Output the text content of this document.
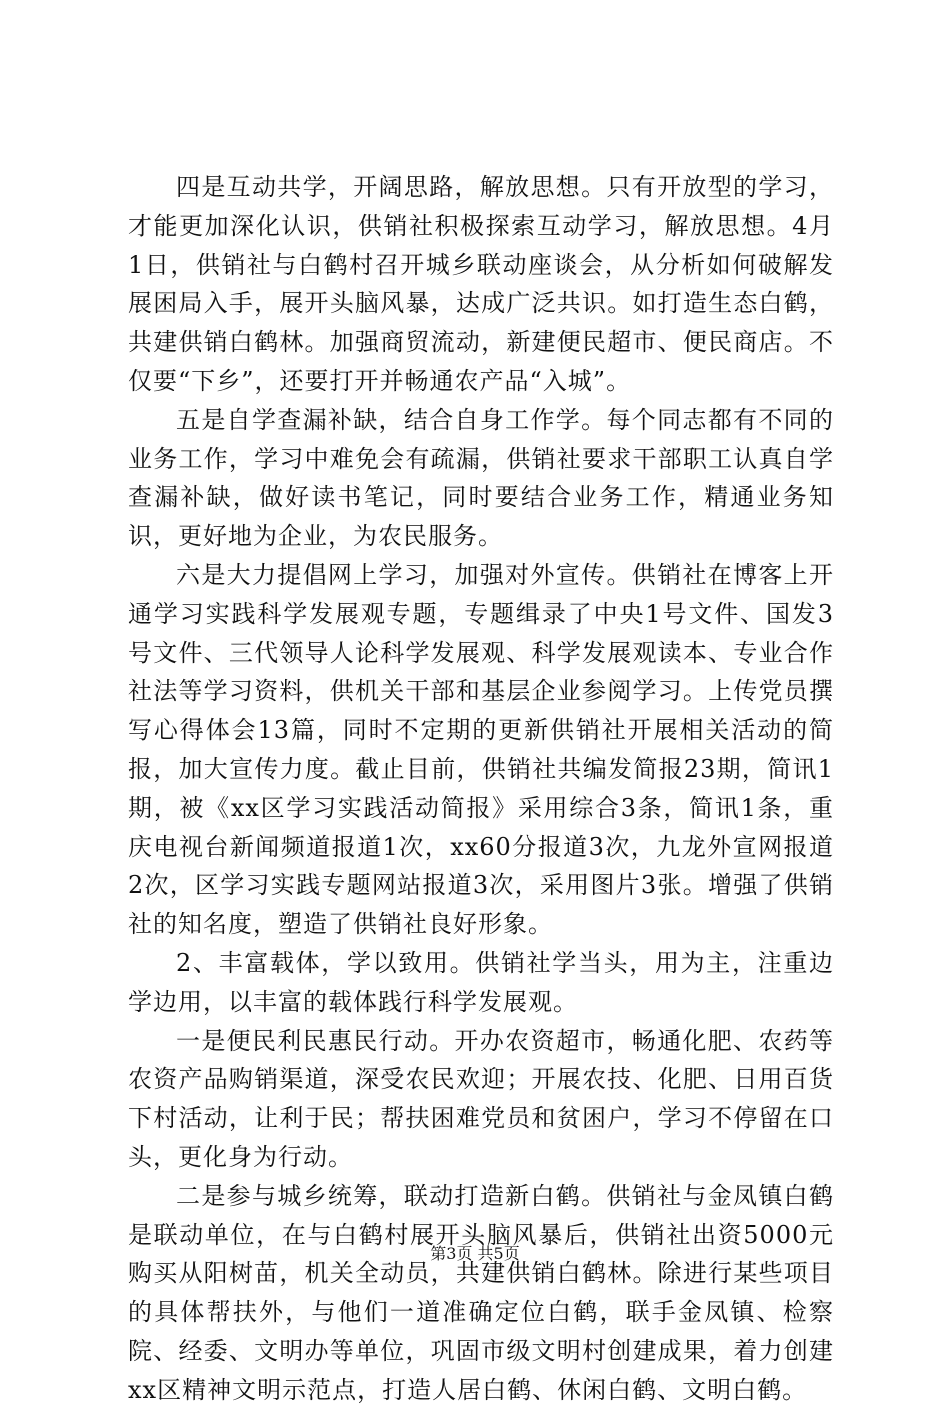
四是互动共学，开阔思路，解放思想。只有开放型的学习，才能更加深化认识，供销社积极探索互动学习，解放思想。4月1日，供销社与白鹤村召开城乡联动座谈会，从分析如何破解发展困局入手，展开头脑风暴，达成广泛共识。如打造生态白鹤，共建供销白鹤林。加强商贸流动，新建便民超市、便民商店。不仅要“下乡”，还要打开并畅通农产品“入城”。

五是自学查漏补缺，结合自身工作学。每个同志都有不同的业务工作，学习中难免会有疏漏，供销社要求干部职工认真自学查漏补缺，做好读书笔记，同时要结合业务工作，精通业务知识，更好地为企业，为农民服务。

六是大力提倡网上学习，加强对外宣传。供销社在博客上开通学习实践科学发展观专题，专题缉录了中央1号文件、国发3号文件、三代领导人论科学发展观、科学发展观读本、专业合作社法等学习资料，供机关干部和基层企业参阅学习。上传党员撰写心得体会13篇，同时不定期的更新供销社开展相关活动的简报，加大宣传力度。截止目前，供销社共编发简报23期，简讯1期，被《xx区学习实践活动简报》采用综合3条，简讯1条，重庆电视台新闻频道报道1次，xx60分报道3次，九龙外宣网报道2次，区学习实践专题网站报道3次，采用图片3张。增强了供销社的知名度，塑造了供销社良好形象。

2、丰富载体，学以致用。供销社学当头，用为主，注重边学边用，以丰富的载体践行科学发展观。

一是便民利民惠民行动。开办农资超市，畅通化肥、农药等农资产品购销渠道，深受农民欢迎；开展农技、化肥、日用百货下村活动，让利于民；帮扶困难党员和贫困户，学习不停留在口头，更化身为行动。

二是参与城乡统筹，联动打造新白鹤。供销社与金凤镇白鹤是联动单位，在与白鹤村展开头脑风暴后，供销社出资5000元购买从阳树苗，机关全动员，共建供销白鹤林。除进行某些项目的具体帮扶外，与他们一道准确定位白鹤，联手金凤镇、检察院、经委、文明办等单位，巩固市级文明村创建成果，着力创建xx区精神文明示范点，打造人居白鹤、休闲白鹤、文明白鹤。

第3页 共5页
